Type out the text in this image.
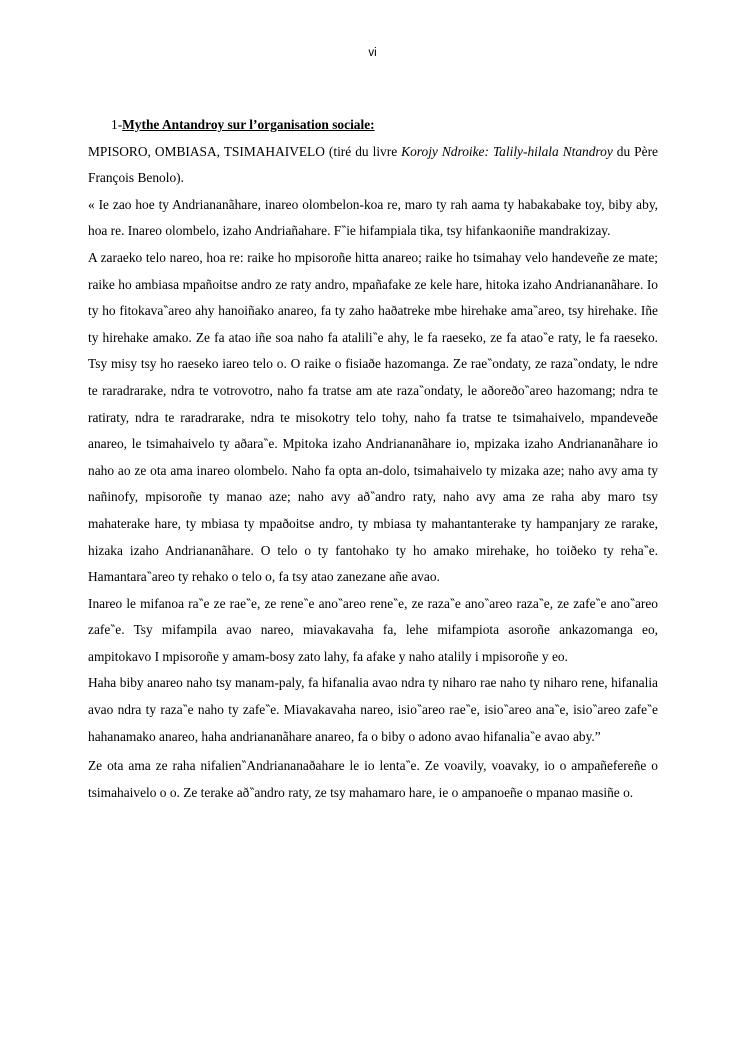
vi
1-Mythe Antandroy sur l’organisation sociale:

MPISORO, OMBIASA, TSIMAHAIVELO (tiré du livre Korojy Ndroike: Talily-hilala Ntandroy du Père François Benolo).

« Ie zao hoe ty Andriananãhare, inareo olombelon-koa re, maro ty rah aama ty habakabake toy, biby aby, hoa re. Inareo olombelo, izaho Andriañahare. F‶ie hifampiala tika, tsy hifankaoniñe mandrakizay.

A zaraeko telo nareo, hoa re: raike ho mpisoroñe hitta anareo; raike ho tsimahay velo handeveñe ze mate; raike ho ambiasa mpañoitse andro ze raty andro, mpañafake ze kele hare, hitoka izaho Andriananãhare. Io ty ho fitokava‶areo ahy hanoiñako anareo, fa ty zaho haðatreke mbe hirehake ama‶areo, tsy hirehake. Iñe ty hirehake amako. Ze fa atao iñe soa naho fa atalili‶e ahy, le fa raeseko, ze fa atao‶e raty, le fa raeseko. Tsy misy tsy ho raeseko iareo telo o. O raike o fisiaðe hazomanga. Ze rae‶ondaty, ze raza‶ondaty, le ndre te raradrarake, ndra te votrovotro, naho fa tratse am ate raza‶ondaty, le aðoreðo‶areo hazomang; ndra te ratiraty, ndra te raradrarake, ndra te misokotry telo tohy, naho fa tratse te tsimahaivelo, mpandeveðe anareo, le tsimahaivelo ty aðara‶e. Mpitoka izaho Andriananãhare io, mpizaka izaho Andriananãhare io naho ao ze ota ama inareo olombelo. Naho fa opta an-dolo, tsimahaivelo ty mizaka aze; naho avy ama ty nañinofy, mpisoroñe ty manao aze; naho avy að‶andro raty, naho avy ama ze raha aby maro tsy mahaterake hare, ty mbiasa ty mpaðoitse andro, ty mbiasa ty mahantanterake ty hampanjary ze rarake, hizaka izaho Andriananãhare. O telo o ty fantohako ty ho amako mirehake, ho toiðeko ty reha‶e. Hamantara‶areo ty rehako o telo o, fa tsy atao zanezane añe avao.

Inareo le mifanoa ra‶e ze rae‶e, ze rene‶e ano‶areo rene‶e, ze raza‶e ano‶areo raza‶e, ze zafe‶e ano‶areo zafe‶e. Tsy mifampila avao nareo, miavakavaha fa, lehe mifampiota asoroñe ankazomanga eo, ampitokavo I mpisoroñe y amam-bosy zato lahy, fa afake y naho atalily i mpisoroñe y eo.

Haha biby anareo naho tsy manam-paly, fa hifanalia avao ndra ty niharo rae naho ty niharo rene, hifanalia avao ndra ty raza‶e naho ty zafe‶e. Miavakavaha nareo, isio‶areo rae‶e, isio‶areo ana‶e, isio‶areo zafe‶e hahanamako anareo, haha andriananãhare anareo, fa o biby o adono avao hifanalia‶e avao aby.”

Ze ota ama ze raha nifalien‶Andriananaðahare le io lenta‶e. Ze voavily, voavaky, io o ampañefereñe o tsimahaivelo o o. Ze terake að‶andro raty, ze tsy mahamaro hare, ie o ampanoeñe o mpanao masiñe o.
